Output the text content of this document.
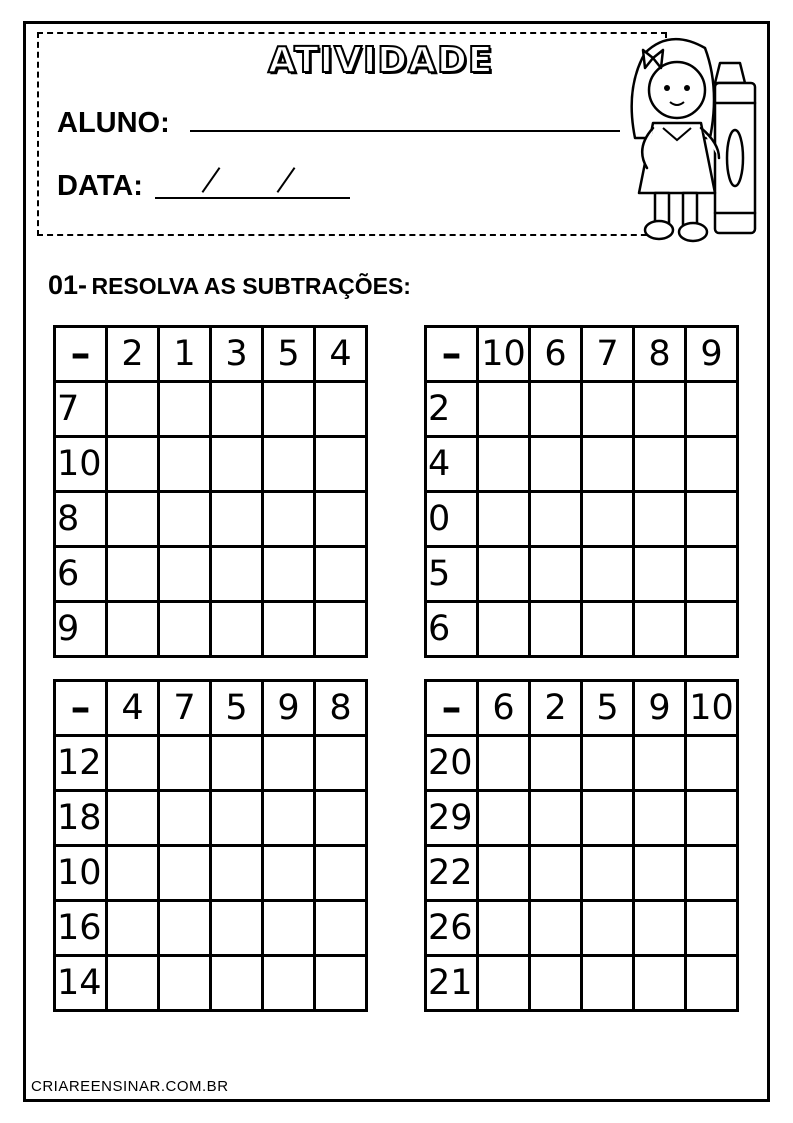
ATIVIDADE
ALUNO:
DATA:
01- RESOLVA AS SUBTRAÇÕES:
–	2	1	3	5	4
7					
10					
8					
6					
9					
–	10	6	7	8	9
2					
4					
0					
5					
6					
–	4	7	5	9	8
12					
18					
10					
16					
14					
–	6	2	5	9	10
20					
29					
22					
26					
21					
CRIAREENSINAR.COM.BR
